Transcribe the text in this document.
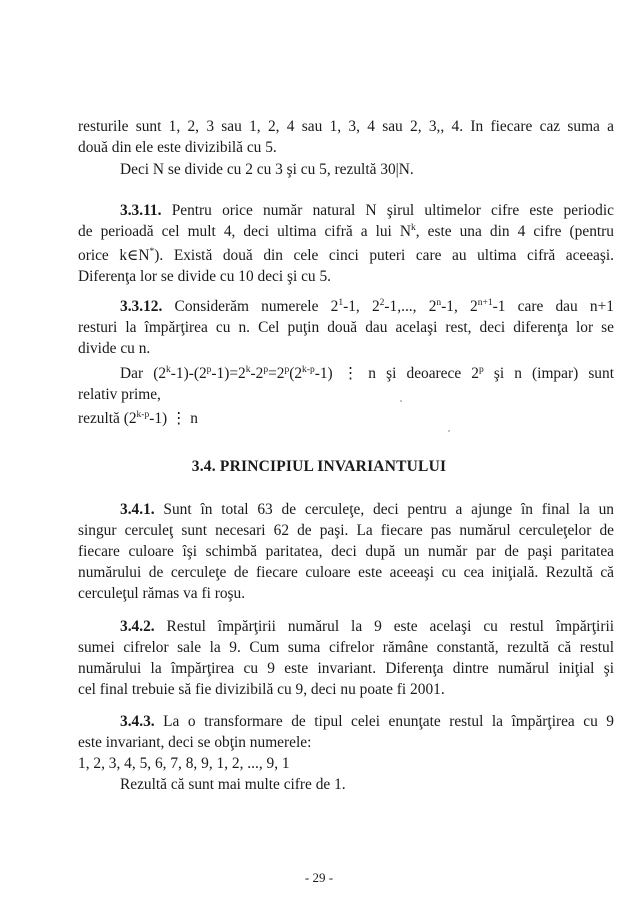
resturile sunt 1, 2, 3 sau 1, 2, 4 sau 1, 3, 4 sau 2, 3,, 4. In fiecare caz suma a

două din ele este divizibilă cu 5.
Deci N se divide cu 2 cu 3 şi cu 5, rezultă 30|N.

3.3.11. Pentru orice număr natural N şirul ultimelor cifre este periodic

de perioadă cel mult 4, deci ultima cifră a lui $N^k$, este una din 4 cifre (pentru

orice k∈N*). Există două din cele cinci puteri care au ultima cifră aceeaşi.

Diferenţa lor se divide cu 10 deci şi cu 5.

3.3.12. Considerăm numerele $2^1-1$, $2^2-1$,..., 2$^n$-1, $2^{n+1}-1$ care dau n+1

resturi la împărţirea cu n. Cel puţin două dau acelaşi rest, deci diferenţa lor se

divide cu n.

Dar $(2^k-1)-(2^p-1)=2^k-2^p=2^p(2^{k-p}-1)$ ⋮ n şi deoarece 2$^p$ şi n (impar) sunt

relativ prime,

rezultă (2$^{k-p}$-1) ⋮ n

3.4. PRINCIPIUL INVARIANTULUI

3.4.1. Sunt în total 63 de cerculeţe, deci pentru a ajunge în final la un

singur cerculeţ sunt necesari 62 de paşi. La fiecare pas numărul cerculeţelor de

fiecare culoare îşi schimbă paritatea, deci după un număr par de paşi paritatea

numărului de cerculeţe de fiecare culoare este aceeaşi cu cea iniţială. Rezultă că

cerculeţul rămas va fi roşu.

3.4.2. Restul împărţirii numărul la 9 este acelaşi cu restul împărţirii

sumei cifrelor sale la 9. Cum suma cifrelor rămâne constantă, rezultă că restul

numărului la împărţirea cu 9 este invariant. Diferenţa dintre numărul iniţial şi

cel final trebuie să fie divizibilă cu 9, deci nu poate fi 2001.

3.4.3. La o transformare de tipul celei enunţate restul la împărţirea cu 9

este invariant, deci se obţin numerele:

1, 2, 3, 4, 5, 6, 7, 8, 9, 1, 2, ..., 9, 1

Rezultă că sunt mai multe cifre de 1.

- 29 -
